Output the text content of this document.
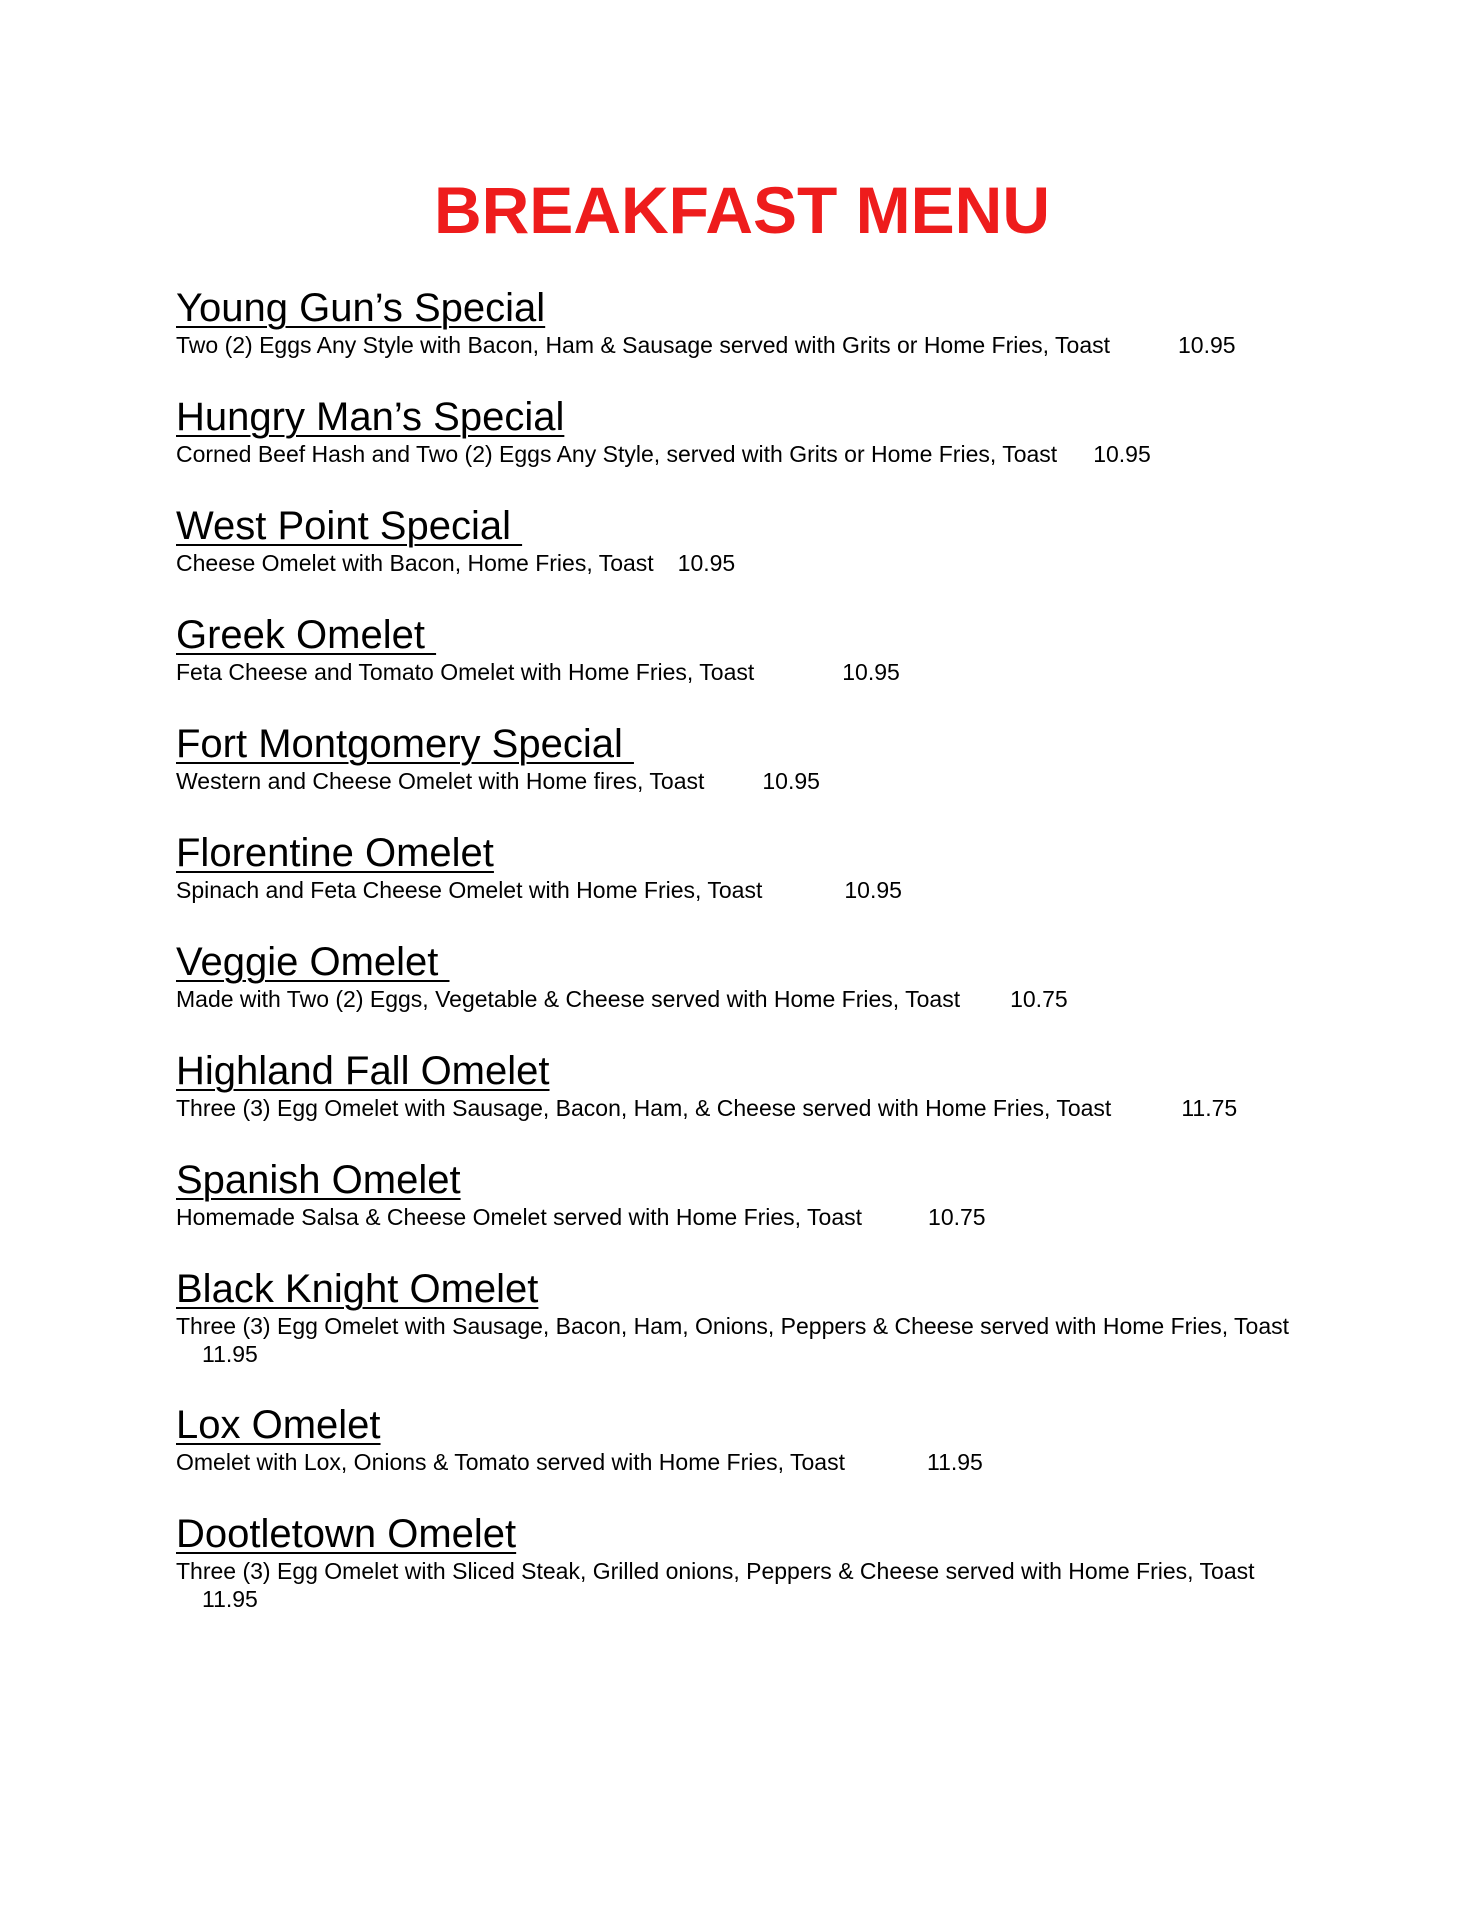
BREAKFAST MENU
Young Gun’s Special

Two (2) Eggs Any Style with Bacon, Ham & Sausage served with Grits or Home Fries, Toast	10.95

Hungry Man’s Special

Corned Beef Hash and Two (2) Eggs Any Style, served with Grits or Home Fries, Toast 10.95

West Point Special

Cheese Omelet with Bacon, Home Fries, Toast 10.95

Greek Omelet

Feta Cheese and Tomato Omelet with Home Fries, Toast	10.95

Fort Montgomery Special

Western and Cheese Omelet with Home fires, Toast	10.95

Florentine Omelet

Spinach and Feta Cheese Omelet with Home Fries, Toast	10.95

Veggie Omelet

Made with Two (2) Eggs, Vegetable & Cheese served with Home Fries, Toast 10.75

Highland Fall Omelet

Three (3) Egg Omelet with Sausage, Bacon, Ham, & Cheese served with Home Fries, Toast	11.75

Spanish Omelet

Homemade Salsa & Cheese Omelet served with Home Fries, Toast	10.75

Black Knight Omelet

Three (3) Egg Omelet with Sausage, Bacon, Ham, Onions, Peppers & Cheese served with Home Fries, Toast11.95

Lox Omelet

Omelet with Lox, Onions & Tomato served with Home Fries, Toast	11.95

Dootletown Omelet

Three (3) Egg Omelet with Sliced Steak, Grilled onions, Peppers & Cheese served with Home Fries, Toast11.95
